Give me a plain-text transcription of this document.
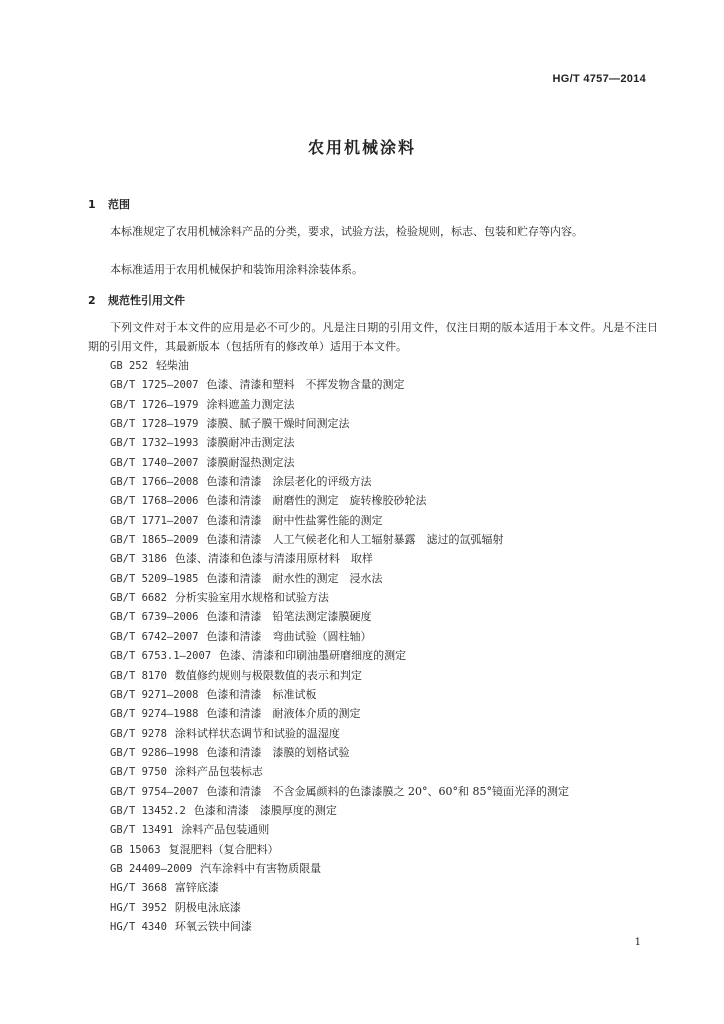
HG/T 4757—2014
农用机械涂料
1 范围
本标准规定了农用机械涂料产品的分类，要求，试验方法，检验规则，标志、包装和贮存等内容。
本标准适用于农用机械保护和装饰用涂料涂装体系。
2 规范性引用文件
下列文件对于本文件的应用是必不可少的。凡是注日期的引用文件，仅注日期的版本适用于本文件。凡是不注日期的引用文件，其最新版本（包括所有的修改单）适用于本文件。
GB 252 轻柴油
GB/T 1725—2007 色漆、清漆和塑料　不挥发物含量的测定
GB/T 1726—1979 涂料遮盖力测定法
GB/T 1728—1979 漆膜、腻子膜干燥时间测定法
GB/T 1732—1993 漆膜耐冲击测定法
GB/T 1740—2007 漆膜耐湿热测定法
GB/T 1766—2008 色漆和清漆　涂层老化的评级方法
GB/T 1768—2006 色漆和清漆　耐磨性的测定　旋转橡胶砂轮法
GB/T 1771—2007 色漆和清漆　耐中性盐雾性能的测定
GB/T 1865—2009 色漆和清漆　人工气候老化和人工辐射暴露　滤过的氙弧辐射
GB/T 3186 色漆、清漆和色漆与清漆用原材料　取样
GB/T 5209—1985 色漆和清漆　耐水性的测定　浸水法
GB/T 6682 分析实验室用水规格和试验方法
GB/T 6739—2006 色漆和清漆　铅笔法测定漆膜硬度
GB/T 6742—2007 色漆和清漆　弯曲试验（圆柱轴）
GB/T 6753.1—2007 色漆、清漆和印刷油墨研磨细度的测定
GB/T 8170 数值修约规则与极限数值的表示和判定
GB/T 9271—2008 色漆和清漆　标准试板
GB/T 9274—1988 色漆和清漆　耐液体介质的测定
GB/T 9278 涂料试样状态调节和试验的温湿度
GB/T 9286—1998 色漆和清漆　漆膜的划格试验
GB/T 9750 涂料产品包装标志
GB/T 9754—2007 色漆和清漆　不含金属颜料的色漆漆膜之 20°、60°和 85°镜面光泽的测定
GB/T 13452.2 色漆和清漆　漆膜厚度的测定
GB/T 13491 涂料产品包装通则
GB 15063 复混肥料（复合肥料）
GB 24409—2009 汽车涂料中有害物质限量
HG/T 3668 富锌底漆
HG/T 3952 阴极电泳底漆
HG/T 4340 环氧云铁中间漆
1
